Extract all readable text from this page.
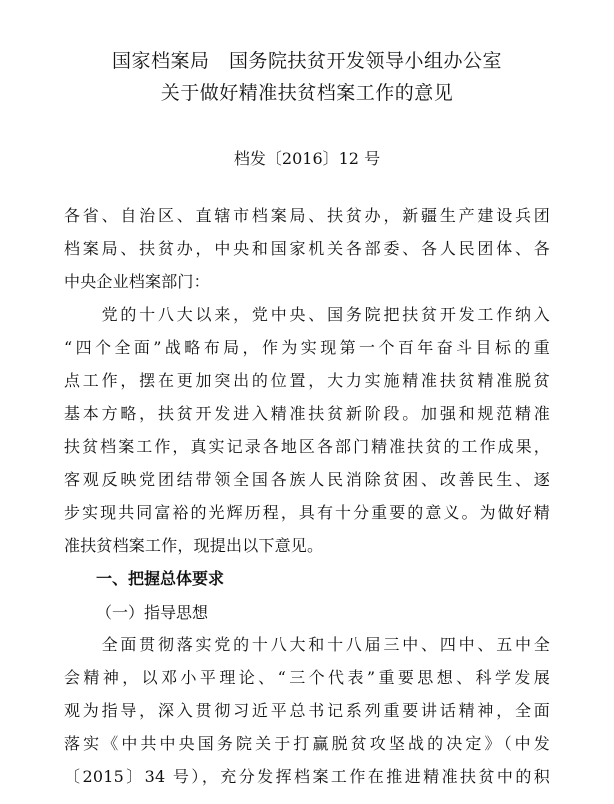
国家档案局　国务院扶贫开发领导小组办公室
关于做好精准扶贫档案工作的意见
档发〔2016〕12 号
各省、自治区、直辖市档案局、扶贫办，新疆生产建设兵团
档案局、扶贫办，中央和国家机关各部委、各人民团体、各
中央企业档案部门：
　　党的十八大以来，党中央、国务院把扶贫开发工作纳入
“四个全面”战略布局，作为实现第一个百年奋斗目标的重
点工作，摆在更加突出的位置，大力实施精准扶贫精准脱贫
基本方略，扶贫开发进入精准扶贫新阶段。加强和规范精准
扶贫档案工作，真实记录各地区各部门精准扶贫的工作成果，
客观反映党团结带领全国各族人民消除贫困、改善民生、逐
步实现共同富裕的光辉历程，具有十分重要的意义。为做好精
准扶贫档案工作，现提出以下意见。
一、把握总体要求
（一）指导思想
　　全面贯彻落实党的十八大和十八届三中、四中、五中全
会精神，以邓小平理论、“三个代表”重要思想、科学发展
观为指导，深入贯彻习近平总书记系列重要讲话精神，全面
落实《中共中央国务院关于打赢脱贫攻坚战的决定》（中发
〔2015〕34 号），充分发挥档案工作在推进精准扶贫中的积
